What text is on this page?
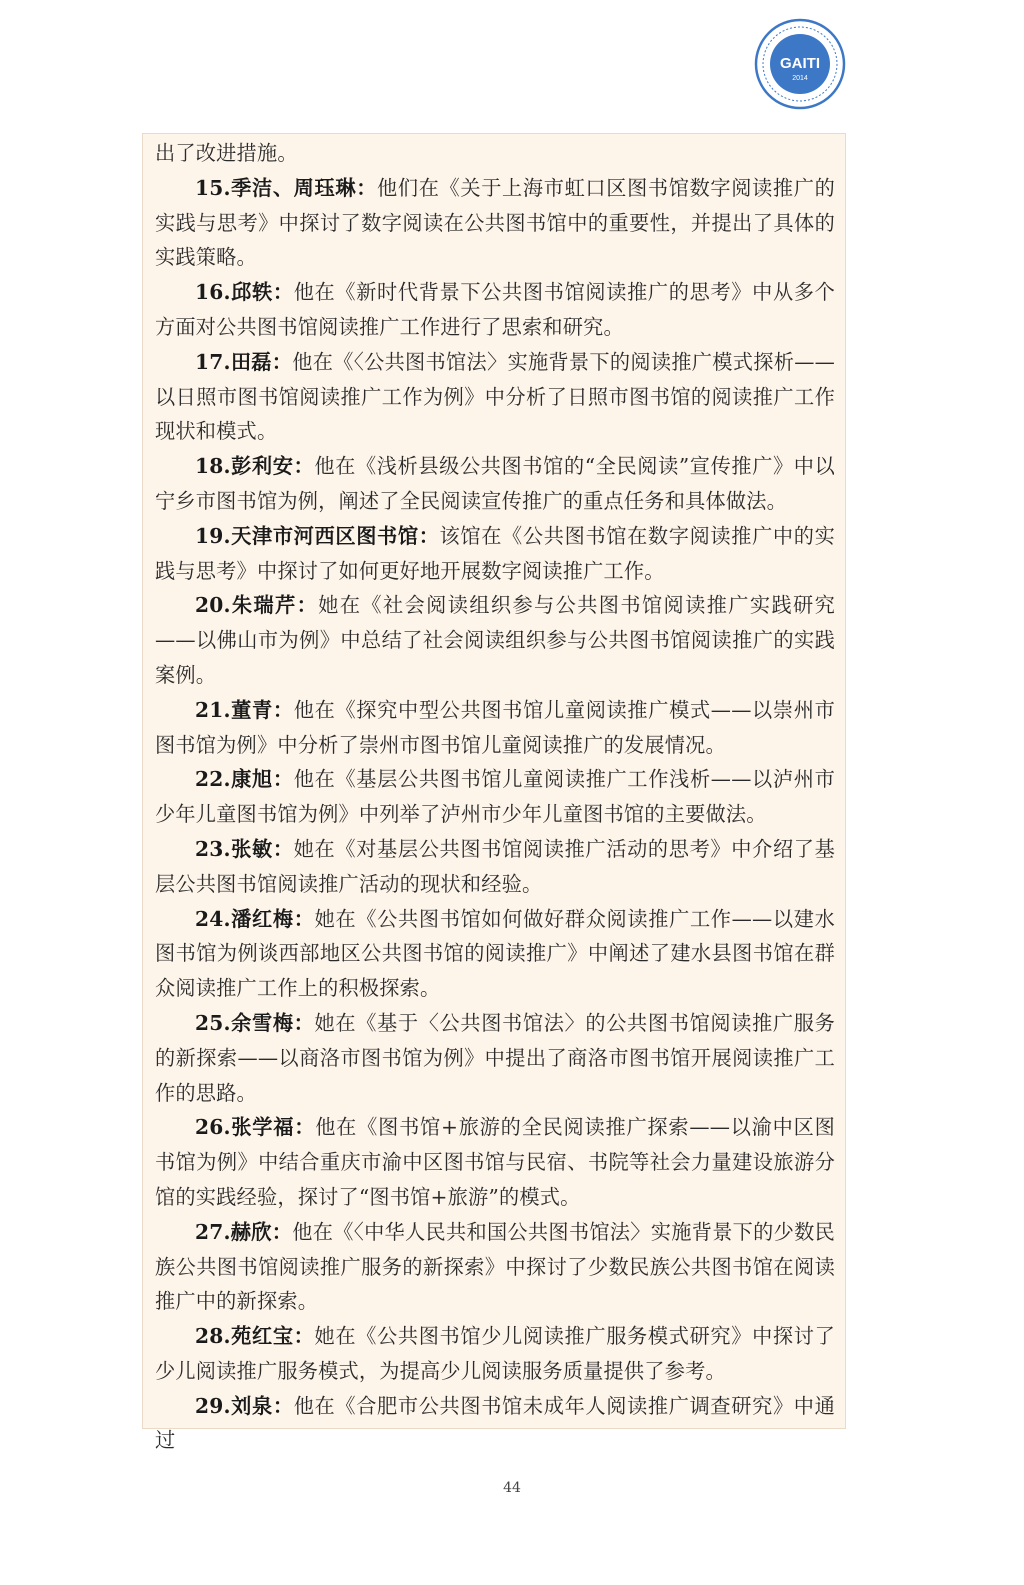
GAITI
2014

出了改进措施。

15.季洁、周珏琳：他们在《关于上海市虹口区图书馆数字阅读推广的实践与思考》中探讨了数字阅读在公共图书馆中的重要性，并提出了具体的实践策略。

16.邱轶：他在《新时代背景下公共图书馆阅读推广的思考》中从多个方面对公共图书馆阅读推广工作进行了思索和研究。

17.田磊：他在《〈公共图书馆法〉实施背景下的阅读推广模式探析——以日照市图书馆阅读推广工作为例》中分析了日照市图书馆的阅读推广工作现状和模式。

18.彭利安：他在《浅析县级公共图书馆的“全民阅读”宣传推广》中以宁乡市图书馆为例，阐述了全民阅读宣传推广的重点任务和具体做法。

19.天津市河西区图书馆：该馆在《公共图书馆在数字阅读推广中的实践与思考》中探讨了如何更好地开展数字阅读推广工作。

20.朱瑞芹：她在《社会阅读组织参与公共图书馆阅读推广实践研究——以佛山市为例》中总结了社会阅读组织参与公共图书馆阅读推广的实践案例。

21.董青：他在《探究中型公共图书馆儿童阅读推广模式——以崇州市图书馆为例》中分析了崇州市图书馆儿童阅读推广的发展情况。

22.康旭：他在《基层公共图书馆儿童阅读推广工作浅析——以泸州市少年儿童图书馆为例》中列举了泸州市少年儿童图书馆的主要做法。

23.张敏：她在《对基层公共图书馆阅读推广活动的思考》中介绍了基层公共图书馆阅读推广活动的现状和经验。

24.潘红梅：她在《公共图书馆如何做好群众阅读推广工作——以建水图书馆为例谈西部地区公共图书馆的阅读推广》中阐述了建水县图书馆在群众阅读推广工作上的积极探索。

25.余雪梅：她在《基于〈公共图书馆法〉的公共图书馆阅读推广服务的新探索——以商洛市图书馆为例》中提出了商洛市图书馆开展阅读推广工作的思路。

26.张学福：他在《图书馆+旅游的全民阅读推广探索——以渝中区图书馆为例》中结合重庆市渝中区图书馆与民宿、书院等社会力量建设旅游分馆的实践经验，探讨了“图书馆+旅游”的模式。

27.赫欣：他在《〈中华人民共和国公共图书馆法〉实施背景下的少数民族公共图书馆阅读推广服务的新探索》中探讨了少数民族公共图书馆在阅读推广中的新探索。

28.苑红宝：她在《公共图书馆少儿阅读推广服务模式研究》中探讨了少儿阅读推广服务模式，为提高少儿阅读服务质量提供了参考。

29.刘泉：他在《合肥市公共图书馆未成年人阅读推广调查研究》中通过

44
